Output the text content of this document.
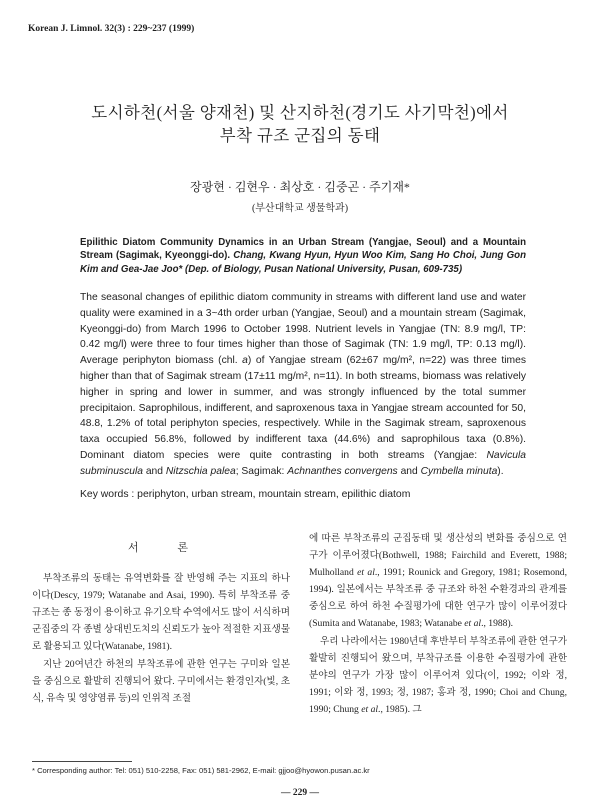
Korean J. Limnol. 32(3) : 229~237 (1999)
도시하천(서울 양재천) 및 산지하천(경기도 사기막천)에서
부착 규조 군집의 동태
장광현 · 김현우 · 최상호 · 김중곤 · 주기재*
(부산대학교 생물학과)
Epilithic Diatom Community Dynamics in an Urban Stream (Yangjae, Seoul) and a Mountain Stream (Sagimak, Kyeonggi-do). Chang, Kwang Hyun, Hyun Woo Kim, Sang Ho Choi, Jung Gon Kim and Gea-Jae Joo* (Dep. of Biology, Pusan National University, Pusan, 609-735)

The seasonal changes of epilithic diatom community in streams with different land use and water quality were examined in a 3~4th order urban (Yangjae, Seoul) and a mountain stream (Sagimak, Kyeonggi-do) from March 1996 to October 1998. Nutrient levels in Yangjae (TN: 8.9 mg/l, TP: 0.42 mg/l) were three to four times higher than those of Sagimak (TN: 1.9 mg/l, TP: 0.13 mg/l). Average periphyton biomass (chl. a) of Yangjae stream (62±67 mg/m², n=22) was three times higher than that of Sagimak stream (17±11 mg/m², n=11). In both streams, biomass was relatively higher in spring and lower in summer, and was strongly influenced by the total summer precipitaion. Saprophilous, indifferent, and saproxenous taxa in Yangjae stream accounted for 50, 48.8, 1.2% of total periphyton species, respectively. While in the Sagimak stream, saproxenous taxa occupied 56.8%, followed by indifferent taxa (44.6%) and saprophilous taxa (0.8%). Dominant diatom species were quite contrasting in both streams (Yangjae: Navicula subminuscula and Nitzschia palea; Sagimak: Achnanthes convergens and Cymbella minuta).

Key words : periphyton, urban stream, mountain stream, epilithic diatom
서 론

부착조류의 동태는 유역변화를 잘 반영해 주는 지표의 하나이다(Descy, 1979; Watanabe and Asai, 1990). 특히 부착조류 중 규조는 종 동정이 용이하고 유기오탁 수역에서도 많이 서식하며 군집중의 각 종별 상대빈도치의 신뢰도가 높아 적절한 지표생물로 활용되고 있다(Watanabe, 1981).

지난 20여년간 하천의 부착조류에 관한 연구는 구미와 일본을 중심으로 활발히 진행되어 왔다. 구미에서는 환경인자(빛, 초식, 유속 및 영양염류 등)의 인위적 조절

에 따른 부착조류의 군집동태 및 생산성의 변화를 중심으로 연구가 이루어졌다(Bothwell, 1988; Fairchild and Everett, 1988; Mulholland et al., 1991; Rounick and Gregory, 1981; Rosemond, 1994). 일본에서는 부착조류 중 규조와 하천 수환경과의 관계를 중심으로 하여 하천 수질평가에 대한 연구가 많이 이루어졌다(Sumita and Watanabe, 1983; Watanabe et al., 1988).

우리 나라에서는 1980년대 후반부터 부착조류에 관한 연구가 활발히 진행되어 왔으며, 부착규조를 이용한 수질평가에 관한 분야의 연구가 가장 많이 이루어져 있다(이, 1992; 이와 정, 1991; 이와 정, 1993; 정, 1987; 홍과 정, 1990; Choi and Chung, 1990; Chung et al., 1985). 그

* Corresponding author: Tel: 051) 510-2258, Fax: 051) 581-2962, E-mail: gjjoo@hyowon.pusan.ac.kr
— 229 —
